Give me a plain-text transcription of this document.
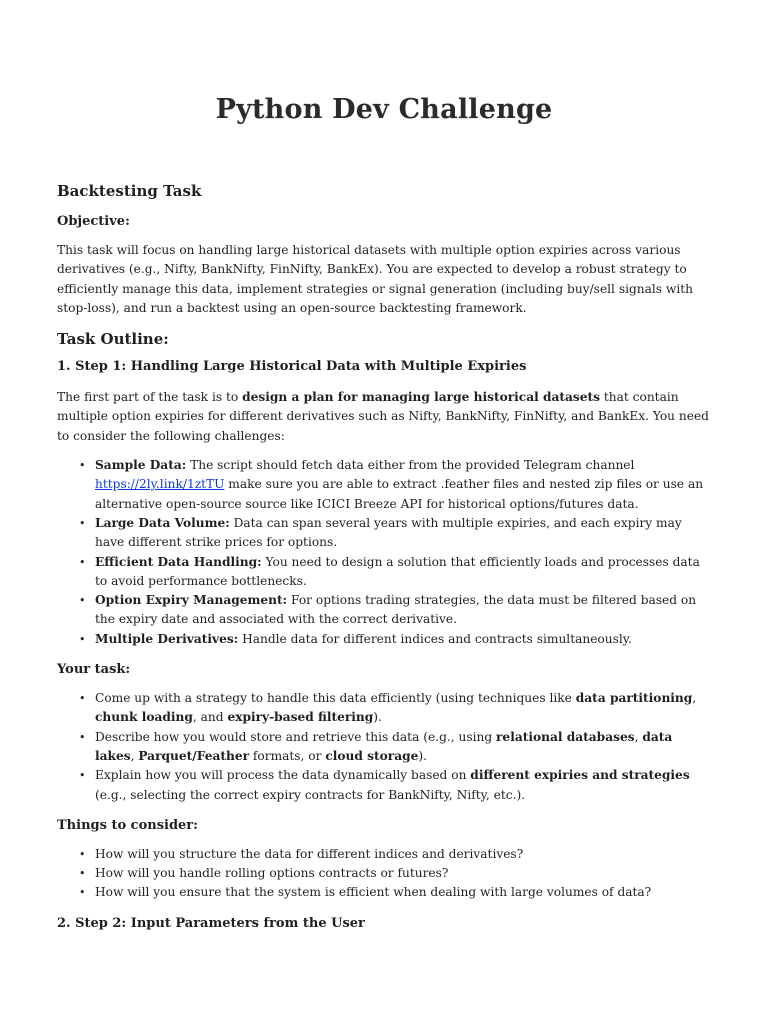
Python Dev Challenge
Backtesting Task
Objective:

This task will focus on handling large historical datasets with multiple option expiries across various derivatives (e.g., Nifty, BankNifty, FinNifty, BankEx). You are expected to develop a robust strategy to efficiently manage this data, implement strategies or signal generation (including buy/sell signals with stop-loss), and run a backtest using an open-source backtesting framework.

Task Outline:
1. Step 1: Handling Large Historical Data with Multiple Expiries

The first part of the task is to design a plan for managing large historical datasets that contain multiple option expiries for different derivatives such as Nifty, BankNifty, FinNifty, and BankEx. You need to consider the following challenges:

• Sample Data: The script should fetch data either from the provided Telegram channel https://2ly.link/1ztTU make sure you are able to extract .feather files and nested zip files or use an alternative open-source source like ICICI Breeze API for historical options/futures data.
• Large Data Volume: Data can span several years with multiple expiries, and each expiry may have different strike prices for options.
• Efficient Data Handling: You need to design a solution that efficiently loads and processes data to avoid performance bottlenecks.
• Option Expiry Management: For options trading strategies, the data must be filtered based on the expiry date and associated with the correct derivative.
• Multiple Derivatives: Handle data for different indices and contracts simultaneously.
Your task:
• Come up with a strategy to handle this data efficiently (using techniques like data partitioning, chunk loading, and expiry-based filtering).
• Describe how you would store and retrieve this data (e.g., using relational databases, data lakes, Parquet/Feather formats, or cloud storage).
• Explain how you will process the data dynamically based on different expiries and strategies (e.g., selecting the correct expiry contracts for BankNifty, Nifty, etc.).
Things to consider:
• How will you structure the data for different indices and derivatives?
• How will you handle rolling options contracts or futures?
• How will you ensure that the system is efficient when dealing with large volumes of data?
2. Step 2: Input Parameters from the User
